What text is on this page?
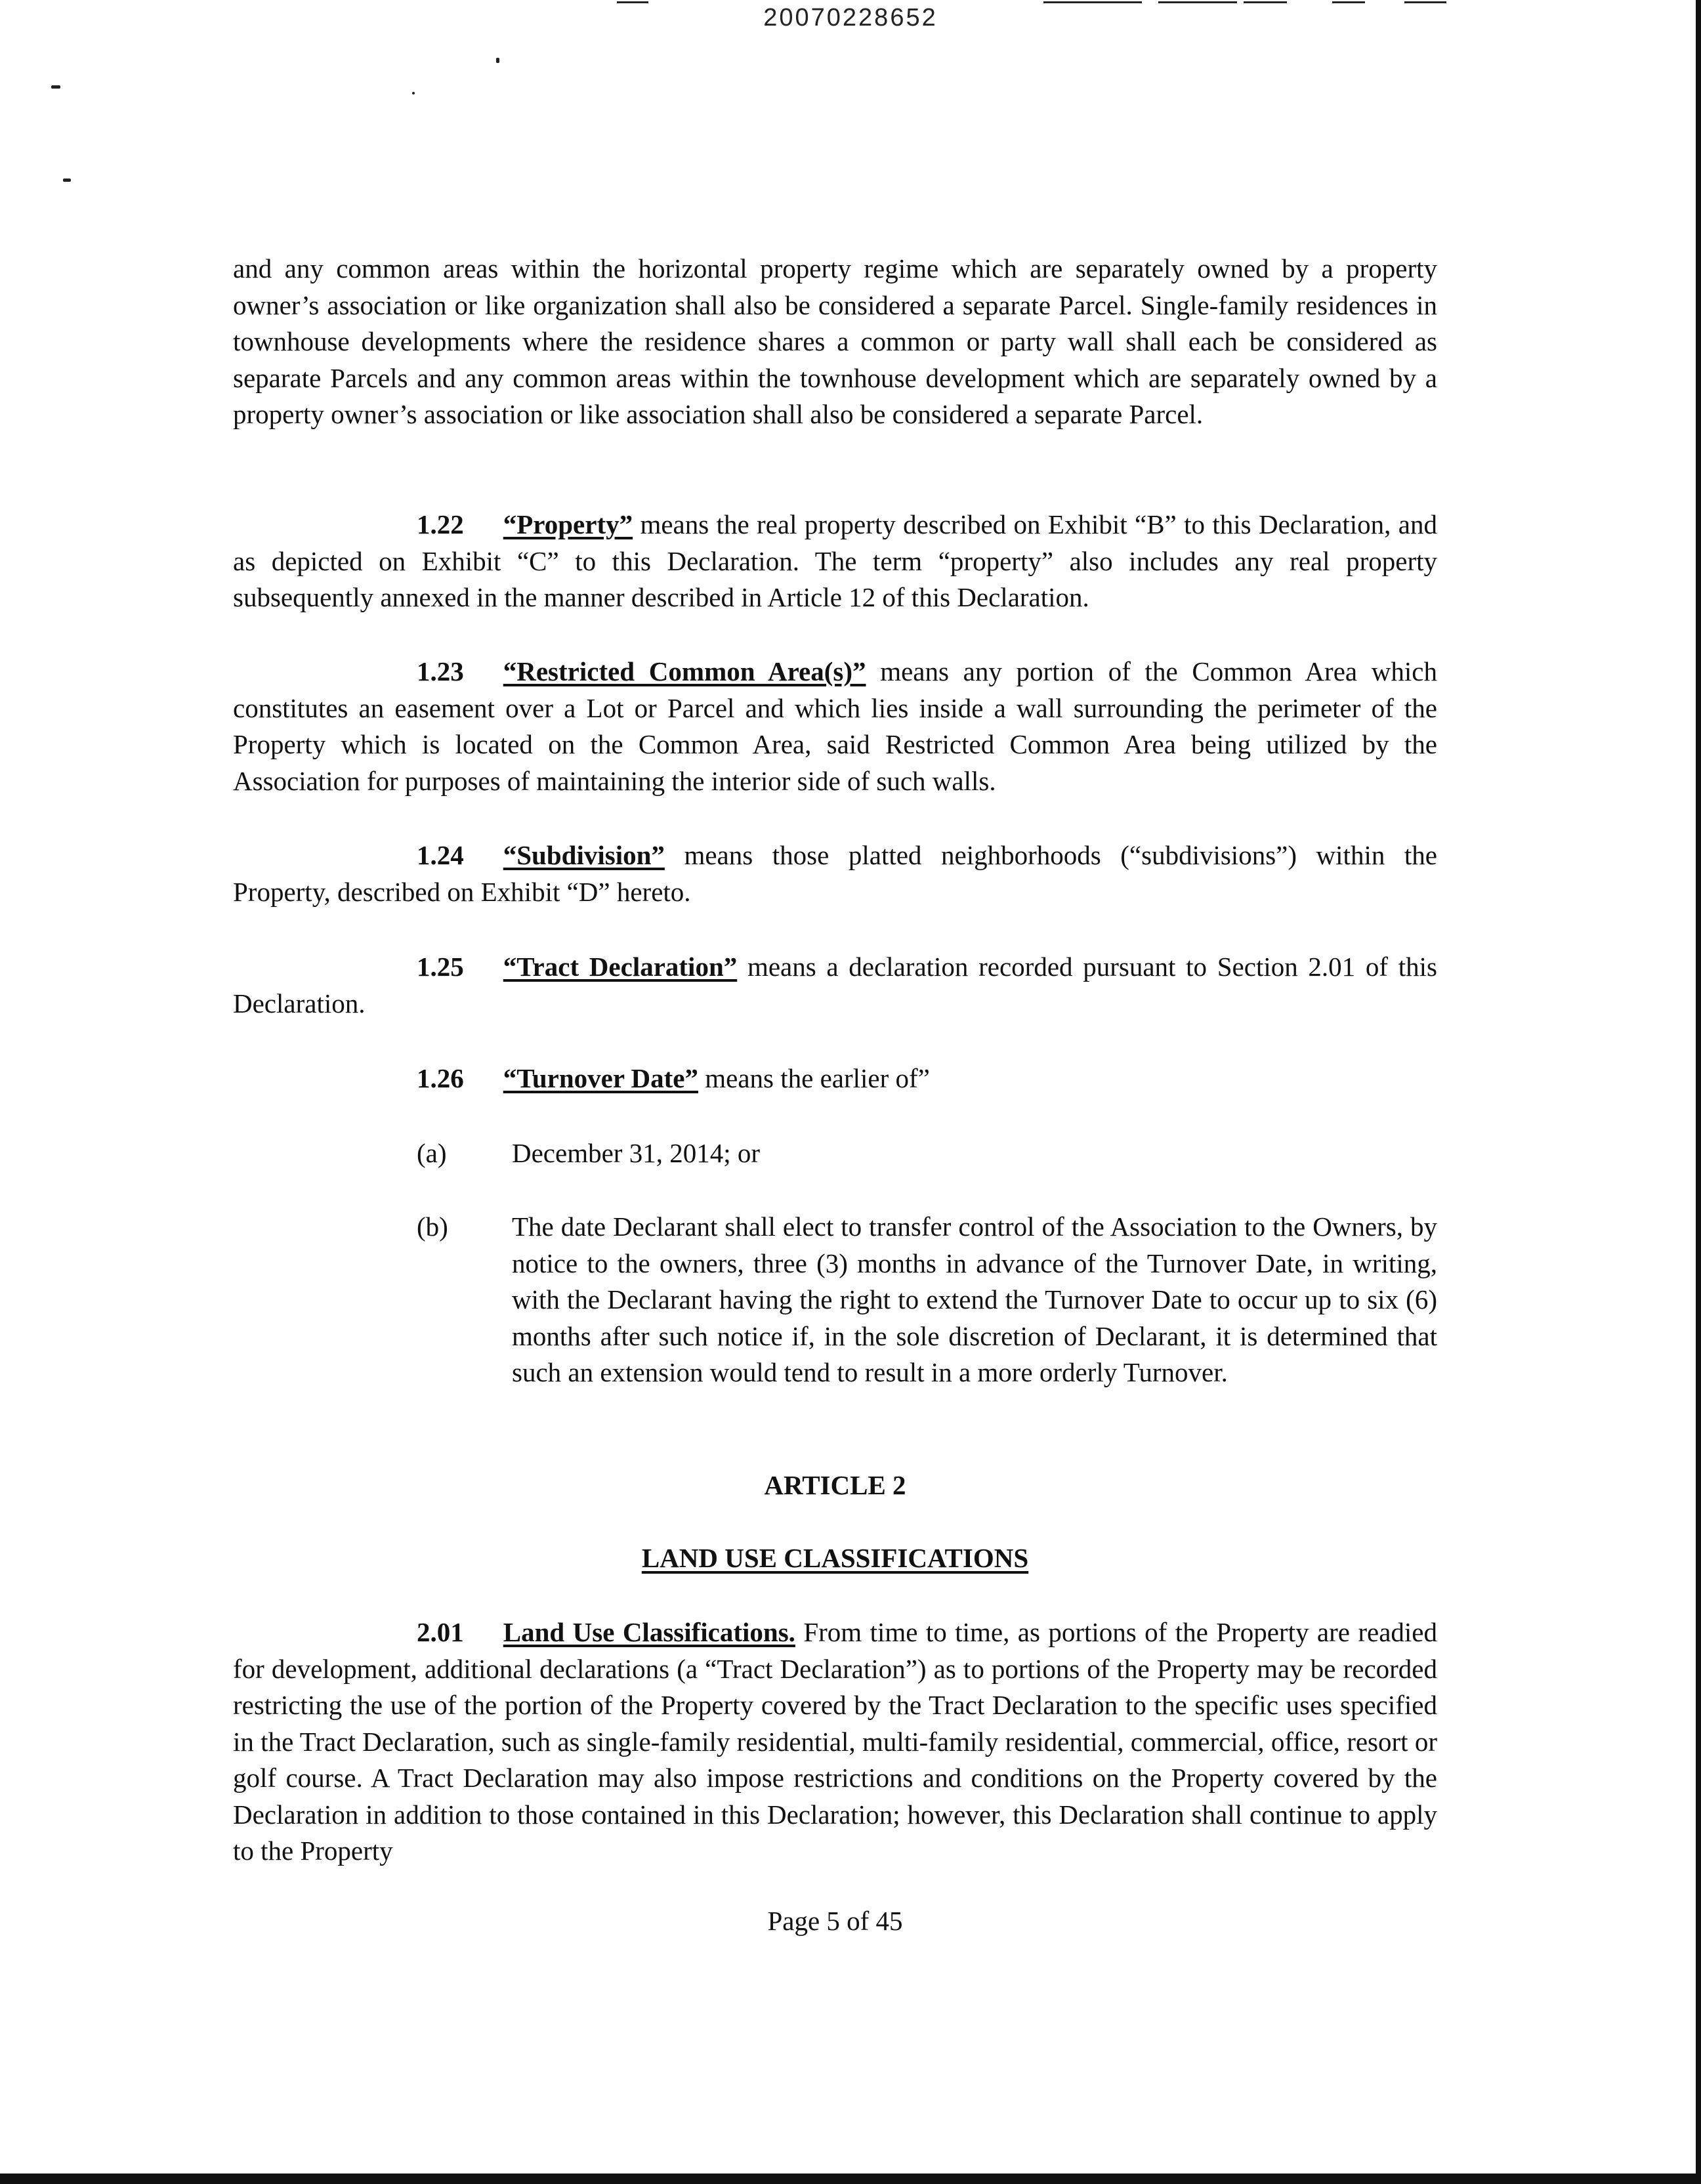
20070228652

and any common areas within the horizontal property regime which are separately owned by a property owner’s association or like organization shall also be considered a separate Parcel. Single-family residences in townhouse developments where the residence shares a common or party wall shall each be considered as separate Parcels and any common areas within the townhouse development which are separately owned by a property owner’s association or like association shall also be considered a separate Parcel.

1.22 “Property” means the real property described on Exhibit “B” to this Declaration, and as depicted on Exhibit “C” to this Declaration. The term “property” also includes any real property subsequently annexed in the manner described in Article 12 of this Declaration.

1.23 “Restricted Common Area(s)” means any portion of the Common Area which constitutes an easement over a Lot or Parcel and which lies inside a wall surrounding the perimeter of the Property which is located on the Common Area, said Restricted Common Area being utilized by the Association for purposes of maintaining the interior side of such walls.

1.24 “Subdivision” means those platted neighborhoods (“subdivisions”) within the Property, described on Exhibit “D” hereto.

1.25 “Tract Declaration” means a declaration recorded pursuant to Section 2.01 of this Declaration.

1.26 “Turnover Date” means the earlier of”

(a) December 31, 2014; or

(b) The date Declarant shall elect to transfer control of the Association to the Owners, by notice to the owners, three (3) months in advance of the Turnover Date, in writing, with the Declarant having the right to extend the Turnover Date to occur up to six (6) months after such notice if, in the sole discretion of Declarant, it is determined that such an extension would tend to result in a more orderly Turnover.

ARTICLE 2
LAND USE CLASSIFICATIONS

2.01 Land Use Classifications. From time to time, as portions of the Property are readied for development, additional declarations (a “Tract Declaration”) as to portions of the Property may be recorded restricting the use of the portion of the Property covered by the Tract Declaration to the specific uses specified in the Tract Declaration, such as single-family residential, multi-family residential, commercial, office, resort or golf course. A Tract Declaration may also impose restrictions and conditions on the Property covered by the Declaration in addition to those contained in this Declaration; however, this Declaration shall continue to apply to the Property

Page 5 of 45
